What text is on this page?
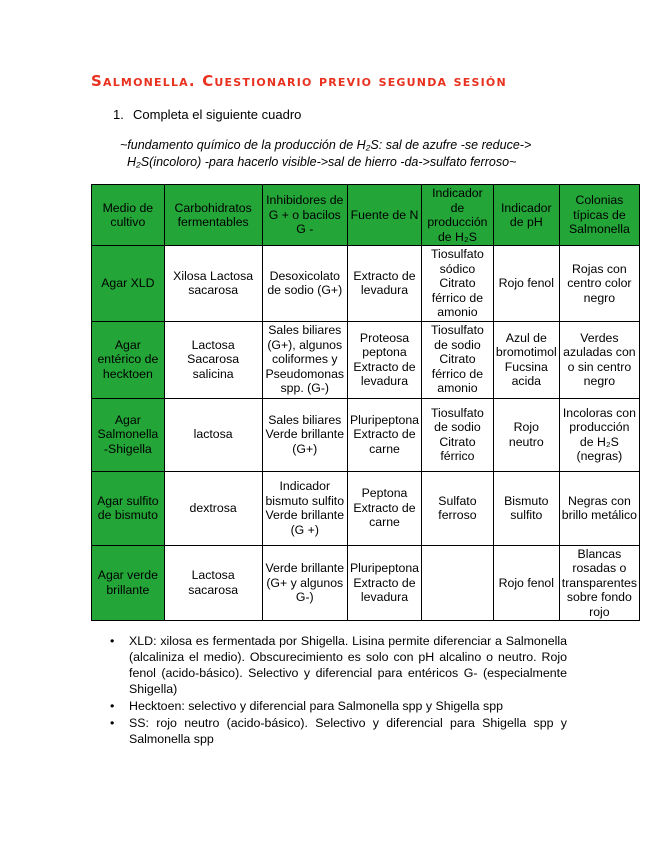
Salmonella. Cuestionario previo segunda sesión
1. Completa el siguiente cuadro
~fundamento químico de la producción de H₂S: sal de azufre -se reduce->
H₂S(incoloro) -para hacerlo visible->sal de hierro -da->sulfato ferroso~
Medio de cultivo	Carbohidratos fermentables	Inhibidores de G + o bacilos G -	Fuente de N	Indicador de producción de H₂S	Indicador de pH	Colonias típicas de Salmonella
Agar XLD	Xilosa Lactosa sacarosa	Desoxicolato de sodio (G+)	Extracto de levadura	Tiosulfato sódico Citrato férrico de amonio	Rojo fenol	Rojas con centro color negro
Agar entérico de hecktoen	Lactosa Sacarosa salicina	Sales biliares (G+), algunos coliformes y Pseudomonas spp. (G-)	Proteosa peptona Extracto de levadura	Tiosulfato de sodio Citrato férrico de amonio	Azul de bromotimol Fucsina acida	Verdes azuladas con o sin centro negro
Agar Salmonella -Shigella	lactosa	Sales biliares Verde brillante (G+)	Pluripeptona Extracto de carne	Tiosulfato de sodio Citrato férrico	Rojo neutro	Incoloras con producción de H₂S (negras)
Agar sulfito de bismuto	dextrosa	Indicador bismuto sulfito Verde brillante (G +)	Peptona Extracto de carne	Sulfato ferroso	Bismuto sulfito	Negras con brillo metálico
Agar verde brillante	Lactosa sacarosa	Verde brillante (G+ y algunos G-)	Pluripeptona Extracto de levadura		Rojo fenol	Blancas rosadas o transparentes sobre fondo rojo
• XLD: xilosa es fermentada por Shigella. Lisina permite diferenciar a Salmonella (alcaliniza el medio). Obscurecimiento es solo con pH alcalino o neutro. Rojo fenol (acido-básico). Selectivo y diferencial para entéricos G- (especialmente Shigella)
• Hecktoen: selectivo y diferencial para Salmonella spp y Shigella spp
• SS: rojo neutro (acido-básico). Selectivo y diferencial para Shigella spp y Salmonella spp
